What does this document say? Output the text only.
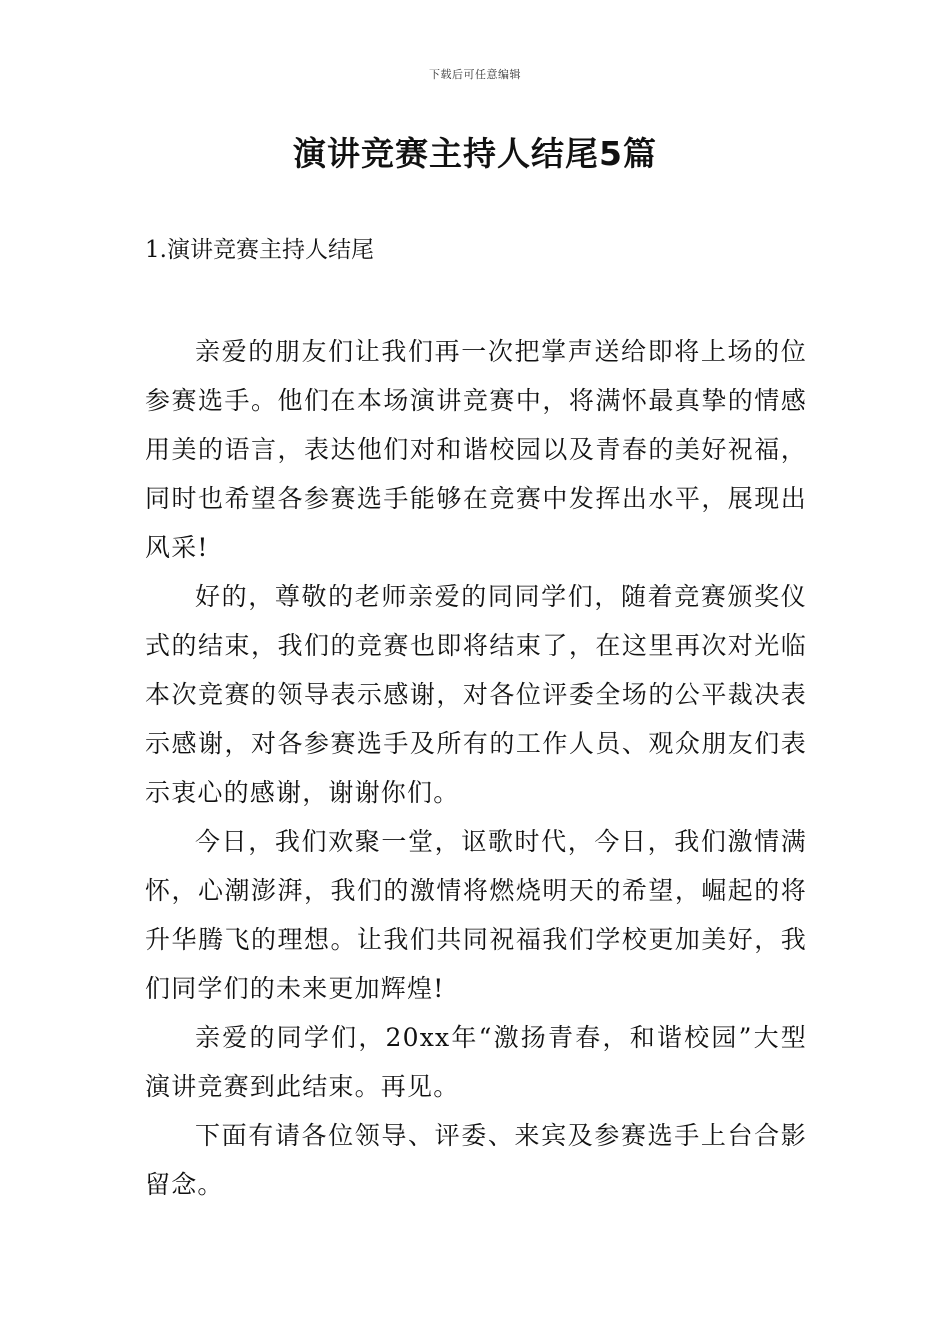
下载后可任意编辑
演讲竞赛主持人结尾5篇
1.演讲竞赛主持人结尾

亲爱的朋友们让我们再一次把掌声送给即将上场的位参赛选手。他们在本场演讲竞赛中，将满怀最真挚的情感用美的语言，表达他们对和谐校园以及青春的美好祝福，同时也希望各参赛选手能够在竞赛中发挥出水平，展现出风采!

好的，尊敬的老师亲爱的同同学们，随着竞赛颁奖仪式的结束，我们的竞赛也即将结束了，在这里再次对光临本次竞赛的领导表示感谢，对各位评委全场的公平裁决表示感谢，对各参赛选手及所有的工作人员、观众朋友们表示衷心的感谢，谢谢你们。

今日，我们欢聚一堂，讴歌时代，今日，我们激情满怀，心潮澎湃，我们的激情将燃烧明天的希望，崛起的将升华腾飞的理想。让我们共同祝福我们学校更加美好，我们同学们的未来更加辉煌!

亲爱的同学们，20xx年“激扬青春，和谐校园”大型演讲竞赛到此结束。再见。

下面有请各位领导、评委、来宾及参赛选手上台合影留念。
